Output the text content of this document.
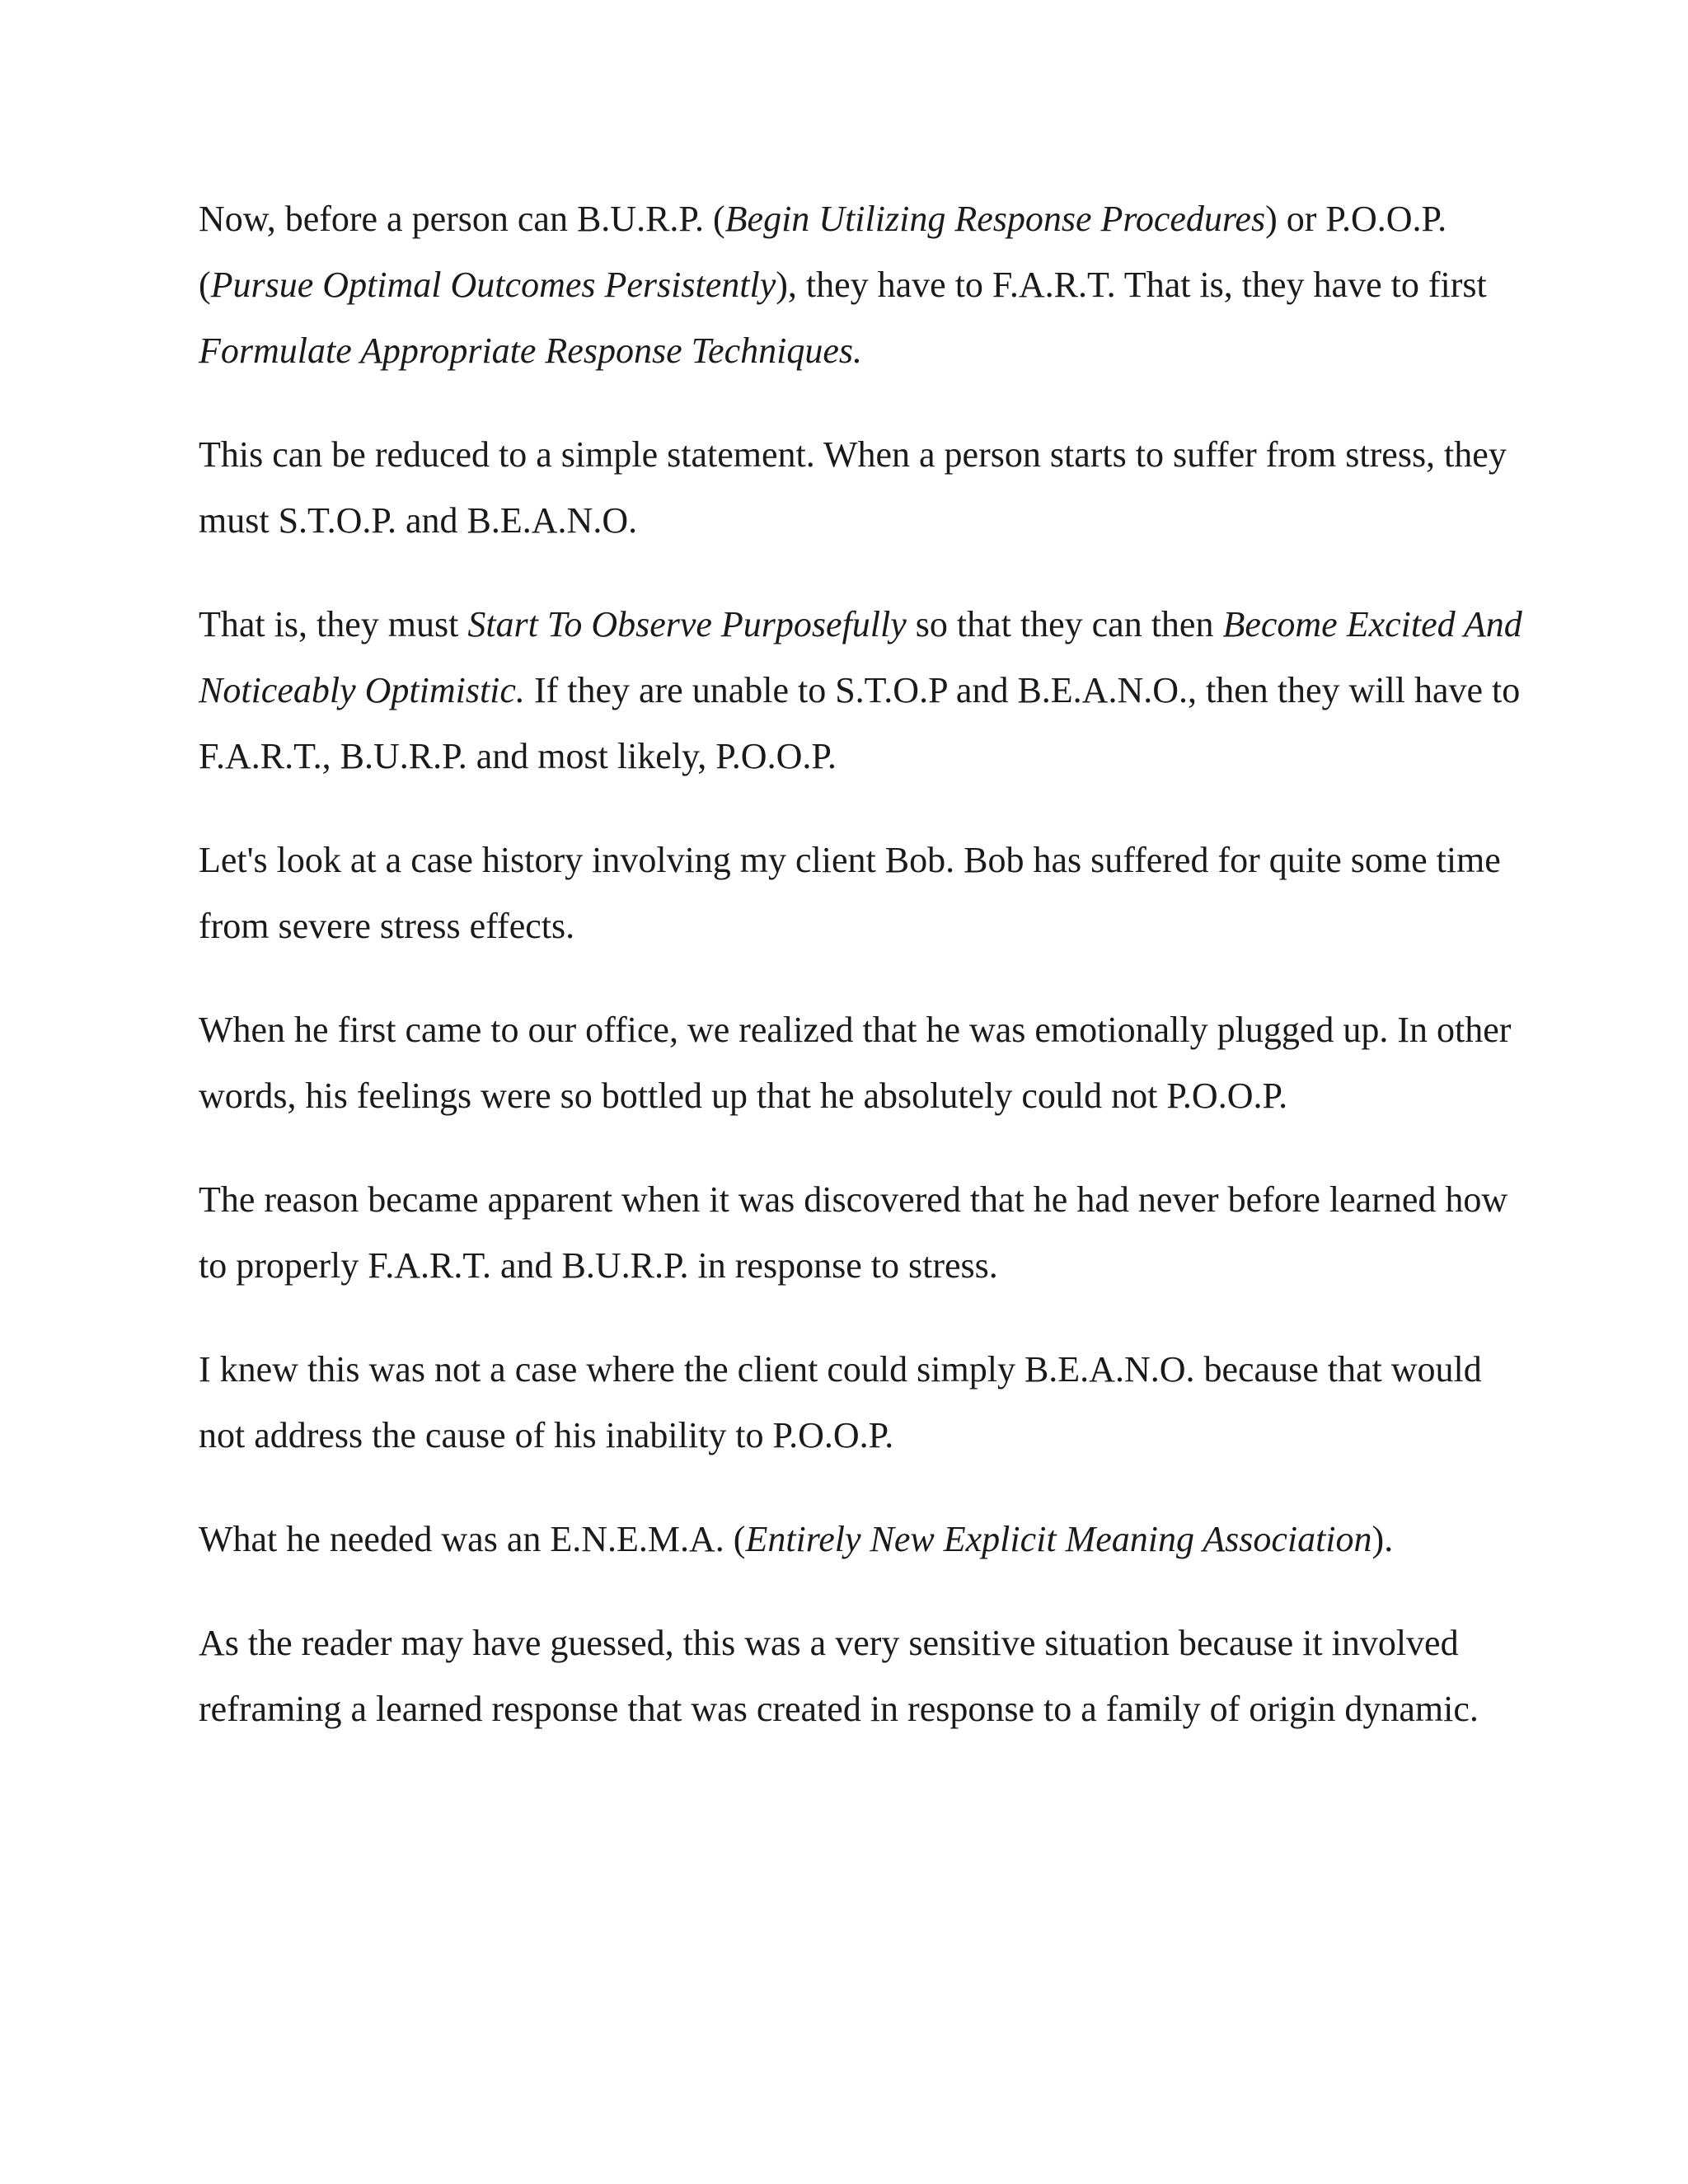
Now, before a person can B.U.R.P. (Begin Utilizing Response Procedures) or P.O.O.P. (Pursue Optimal Outcomes Persistently), they have to F.A.R.T. That is, they have to first Formulate Appropriate Response Techniques.

This can be reduced to a simple statement. When a person starts to suffer from stress, they must S.T.O.P. and B.E.A.N.O.

That is, they must Start To Observe Purposefully so that they can then Become Excited And Noticeably Optimistic. If they are unable to S.T.O.P and B.E.A.N.O., then they will have to F.A.R.T., B.U.R.P. and most likely, P.O.O.P.

Let's look at a case history involving my client Bob. Bob has suffered for quite some time from severe stress effects.

When he first came to our office, we realized that he was emotionally plugged up. In other words, his feelings were so bottled up that he absolutely could not P.O.O.P.

The reason became apparent when it was discovered that he had never before learned how to properly F.A.R.T. and B.U.R.P. in response to stress.

I knew this was not a case where the client could simply B.E.A.N.O. because that would not address the cause of his inability to P.O.O.P.

What he needed was an E.N.E.M.A. (Entirely New Explicit Meaning Association).

As the reader may have guessed, this was a very sensitive situation because it involved reframing a learned response that was created in response to a family of origin dynamic.
